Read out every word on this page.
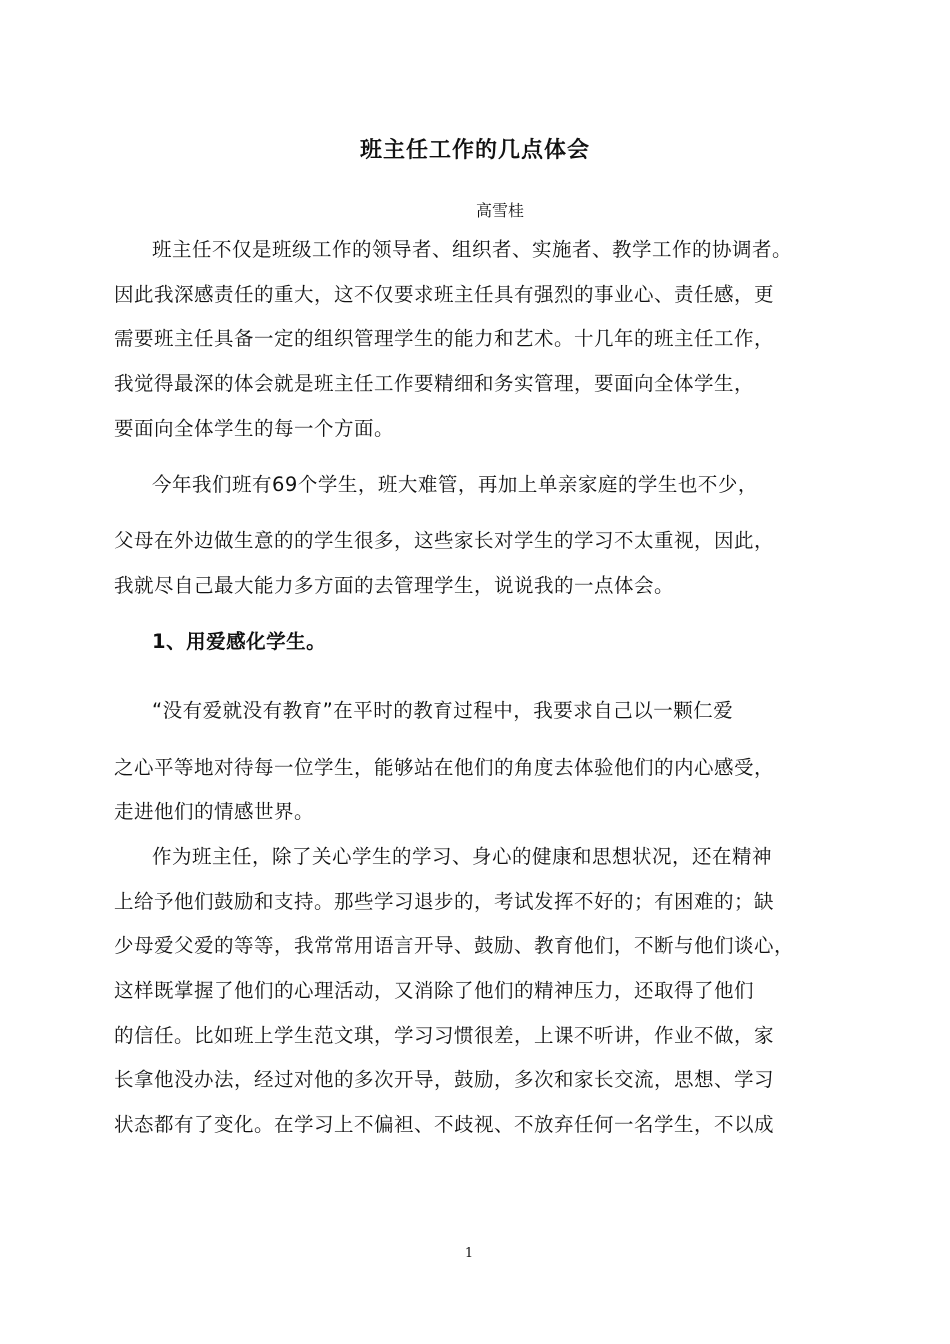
班主任工作的几点体会
高雪桂
班主任不仅是班级工作的领导者、组织者、实施者、教学工作的协调者。
因此我深感责任的重大，这不仅要求班主任具有强烈的事业心、责任感，更
需要班主任具备一定的组织管理学生的能力和艺术。十几年的班主任工作，
我觉得最深的体会就是班主任工作要精细和务实管理，要面向全体学生，
要面向全体学生的每一个方面。
今年我们班有69个学生，班大难管，再加上单亲家庭的学生也不少，
父母在外边做生意的的学生很多，这些家长对学生的学习不太重视，因此，
我就尽自己最大能力多方面的去管理学生，说说我的一点体会。
1、用爱感化学生。
“没有爱就没有教育”在平时的教育过程中，我要求自己以一颗仁爱
之心平等地对待每一位学生，能够站在他们的角度去体验他们的内心感受，
走进他们的情感世界。
作为班主任，除了关心学生的学习、身心的健康和思想状况，还在精神
上给予他们鼓励和支持。那些学习退步的，考试发挥不好的；有困难的；缺
少母爱父爱的等等，我常常用语言开导、鼓励、教育他们，不断与他们谈心，
这样既掌握了他们的心理活动，又消除了他们的精神压力，还取得了他们
的信任。比如班上学生范文琪，学习习惯很差，上课不听讲，作业不做，家
长拿他没办法，经过对他的多次开导，鼓励，多次和家长交流，思想、学习
状态都有了变化。在学习上不偏袒、不歧视、不放弃任何一名学生，不以成
1
